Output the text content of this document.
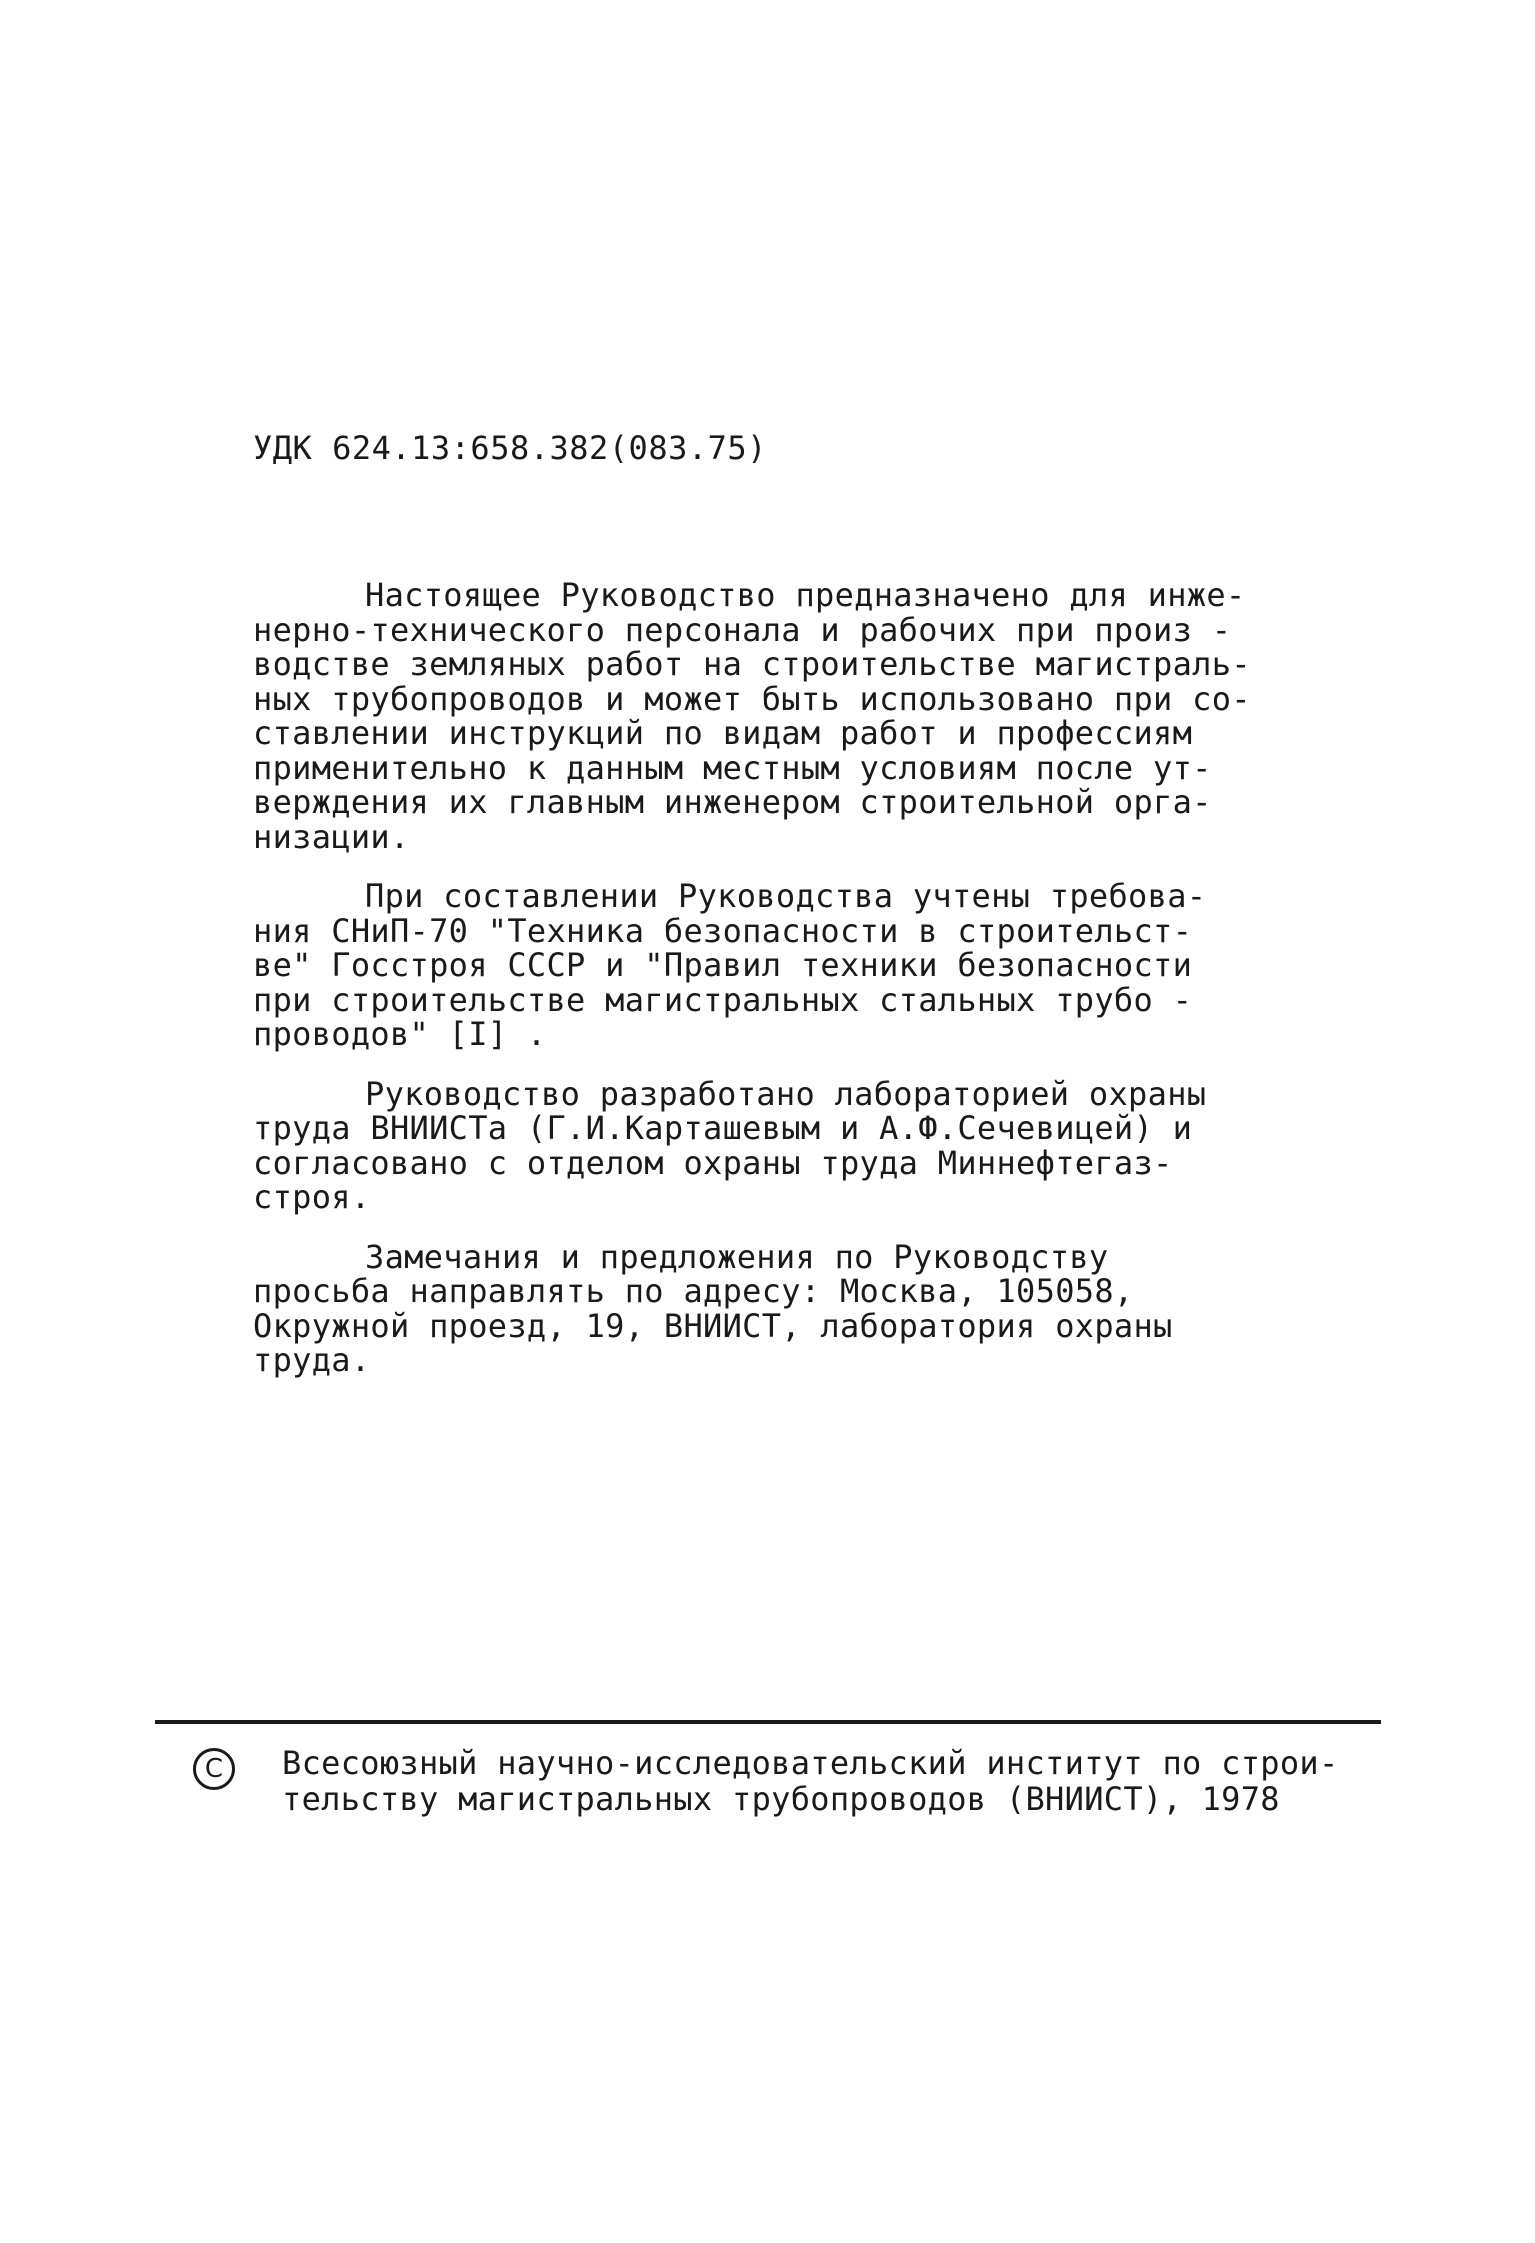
УДК 624.13:658.382(083.75)
Настоящее Руководство предназначено для инже-
нерно-технического персонала и рабочих при произ -
водстве земляных работ на строительстве магистраль-
ных трубопроводов и может быть использовано при со-
ставлении инструкций по видам работ и профессиям
применительно к данным местным условиям после ут-
верждения их главным инженером строительной орга-
низации.
При составлении Руководства учтены требова-
ния СНиП-70 "Техника безопасности в строительст-
ве" Госстроя СССР и "Правил техники безопасности
при строительстве магистральных стальных трубо -
проводов" [I] .
Руководство разработано лабораторией охраны
труда ВНИИСТа (Г.И.Карташевым и А.Ф.Сечевицей) и
согласовано с отделом охраны труда Миннефтегаз-
строя.
Замечания и предложения по Руководству
просьба направлять по адресу: Москва, 105058,
Окружной проезд, 19, ВНИИСТ, лаборатория охраны
труда.
C Всесоюзный научно-исследовательский институт по строи-
тельству магистральных трубопроводов (ВНИИСТ), 1978
